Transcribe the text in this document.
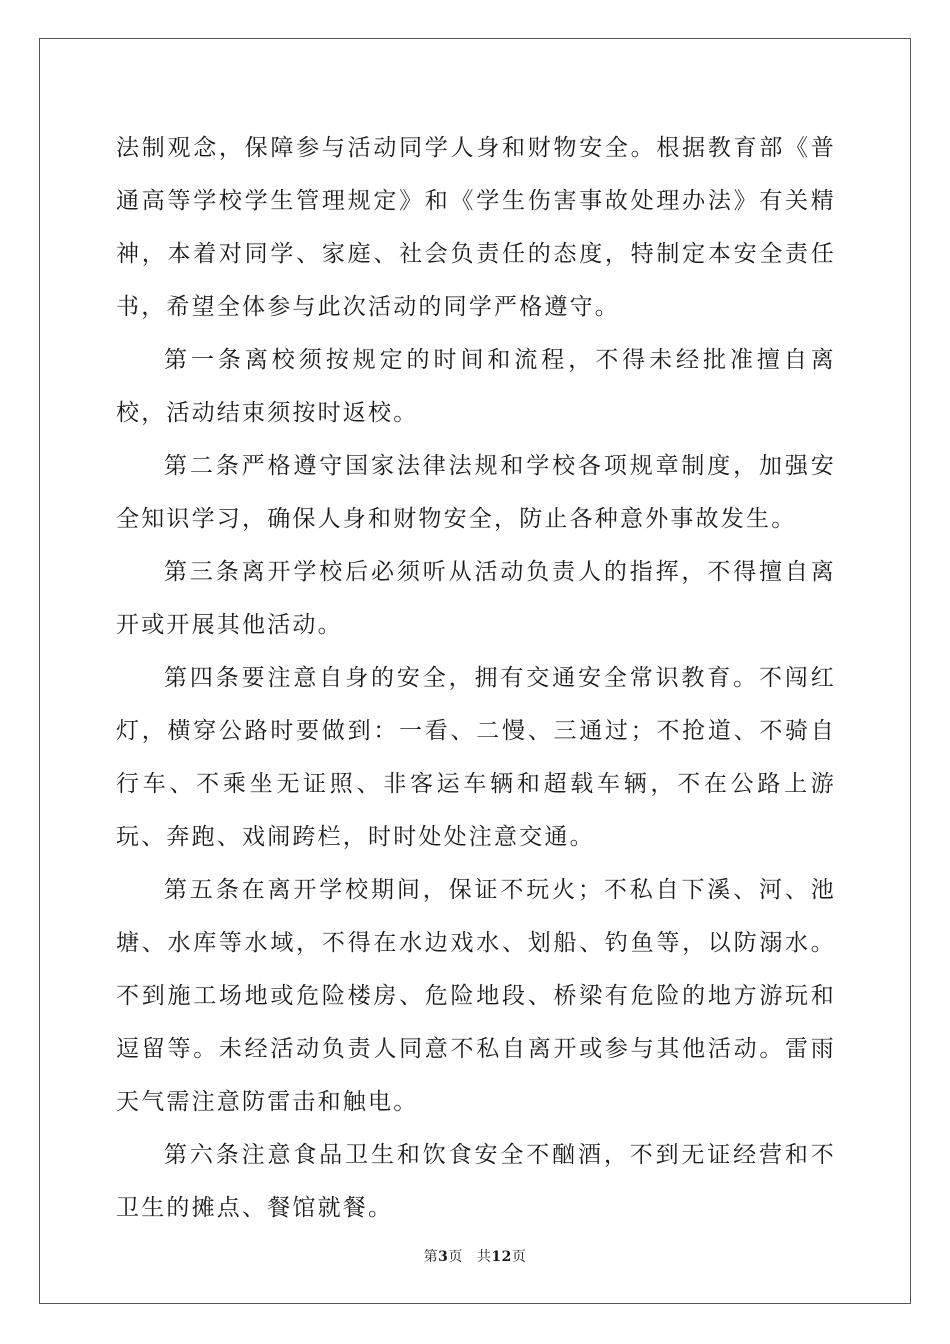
法制观念，保障参与活动同学人身和财物安全。根据教育部《普通高等学校学生管理规定》和《学生伤害事故处理办法》有关精神，本着对同学、家庭、社会负责任的态度，特制定本安全责任书，希望全体参与此次活动的同学严格遵守。

第一条离校须按规定的时间和流程，不得未经批准擅自离校，活动结束须按时返校。

第二条严格遵守国家法律法规和学校各项规章制度，加强安全知识学习，确保人身和财物安全，防止各种意外事故发生。

第三条离开学校后必须听从活动负责人的指挥，不得擅自离开或开展其他活动。

第四条要注意自身的安全，拥有交通安全常识教育。不闯红灯，横穿公路时要做到：一看、二慢、三通过；不抢道、不骑自行车、不乘坐无证照、非客运车辆和超载车辆，不在公路上游玩、奔跑、戏闹跨栏，时时处处注意交通。

第五条在离开学校期间，保证不玩火；不私自下溪、河、池塘、水库等水域，不得在水边戏水、划船、钓鱼等，以防溺水。不到施工场地或危险楼房、危险地段、桥梁有危险的地方游玩和逗留等。未经活动负责人同意不私自离开或参与其他活动。雷雨天气需注意防雷击和触电。

第六条注意食品卫生和饮食安全不酗酒，不到无证经营和不卫生的摊点、餐馆就餐。

第3页 共12页
